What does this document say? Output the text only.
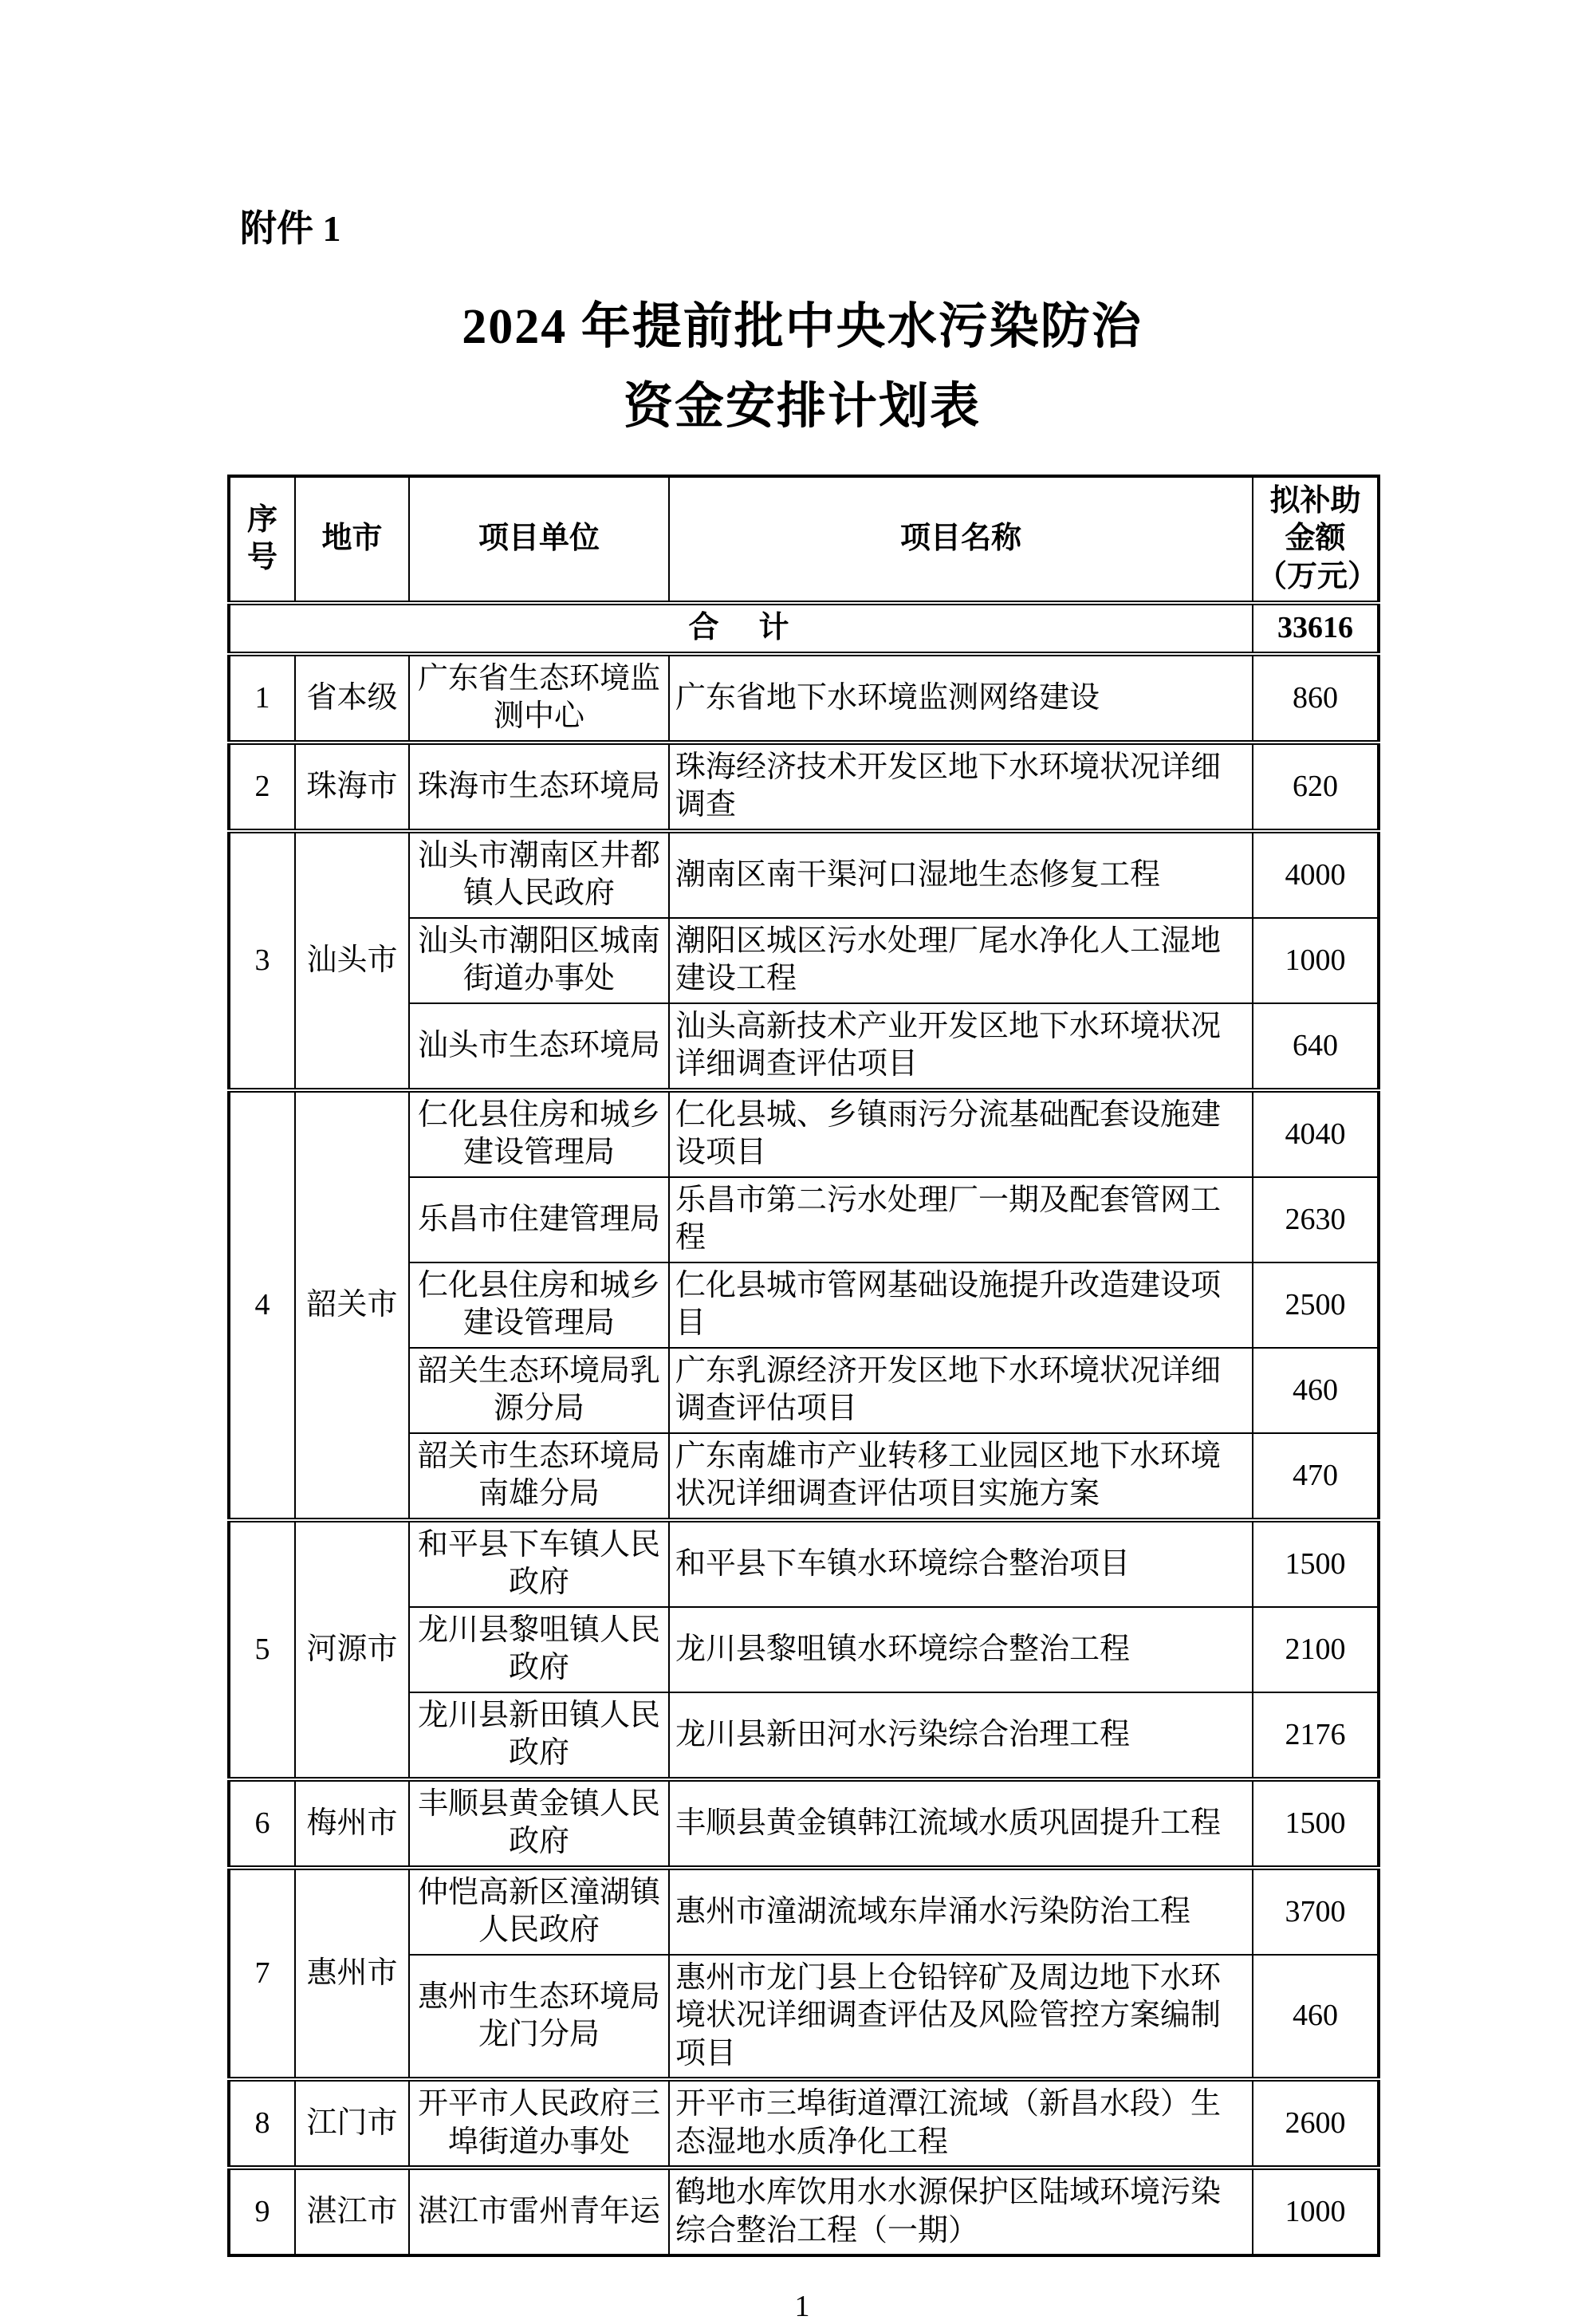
附件 1
2024 年提前批中央水污染防治
资金安排计划表
序号	地市	项目单位	项目名称	拟补助金额（万元）
合　计				33616
1	省本级	广东省生态环境监测中心	广东省地下水环境监测网络建设	860
2	珠海市	珠海市生态环境局	珠海经济技术开发区地下水环境状况详细调查	620
3	汕头市	汕头市潮南区井都镇人民政府	潮南区南干渠河口湿地生态修复工程	4000
		汕头市潮阳区城南街道办事处	潮阳区城区污水处理厂尾水净化人工湿地建设工程	1000
		汕头市生态环境局	汕头高新技术产业开发区地下水环境状况详细调查评估项目	640
4	韶关市	仁化县住房和城乡建设管理局	仁化县城、乡镇雨污分流基础配套设施建设项目	4040
		乐昌市住建管理局	乐昌市第二污水处理厂一期及配套管网工程	2630
		仁化县住房和城乡建设管理局	仁化县城市管网基础设施提升改造建设项目	2500
		韶关生态环境局乳源分局	广东乳源经济开发区地下水环境状况详细调查评估项目	460
		韶关市生态环境局南雄分局	广东南雄市产业转移工业园区地下水环境状况详细调查评估项目实施方案	470
5	河源市	和平县下车镇人民政府	和平县下车镇水环境综合整治项目	1500
		龙川县黎咀镇人民政府	龙川县黎咀镇水环境综合整治工程	2100
		龙川县新田镇人民政府	龙川县新田河水污染综合治理工程	2176
6	梅州市	丰顺县黄金镇人民政府	丰顺县黄金镇韩江流域水质巩固提升工程	1500
7	惠州市	仲恺高新区潼湖镇人民政府	惠州市潼湖流域东岸涌水污染防治工程	3700
		惠州市生态环境局龙门分局	惠州市龙门县上仓铅锌矿及周边地下水环境状况详细调查评估及风险管控方案编制项目	460
8	江门市	开平市人民政府三埠街道办事处	开平市三埠街道潭江流域（新昌水段）生态湿地水质净化工程	2600
9	湛江市	湛江市雷州青年运	鹤地水库饮用水水源保护区陆域环境污染综合整治工程（一期）	1000
1
